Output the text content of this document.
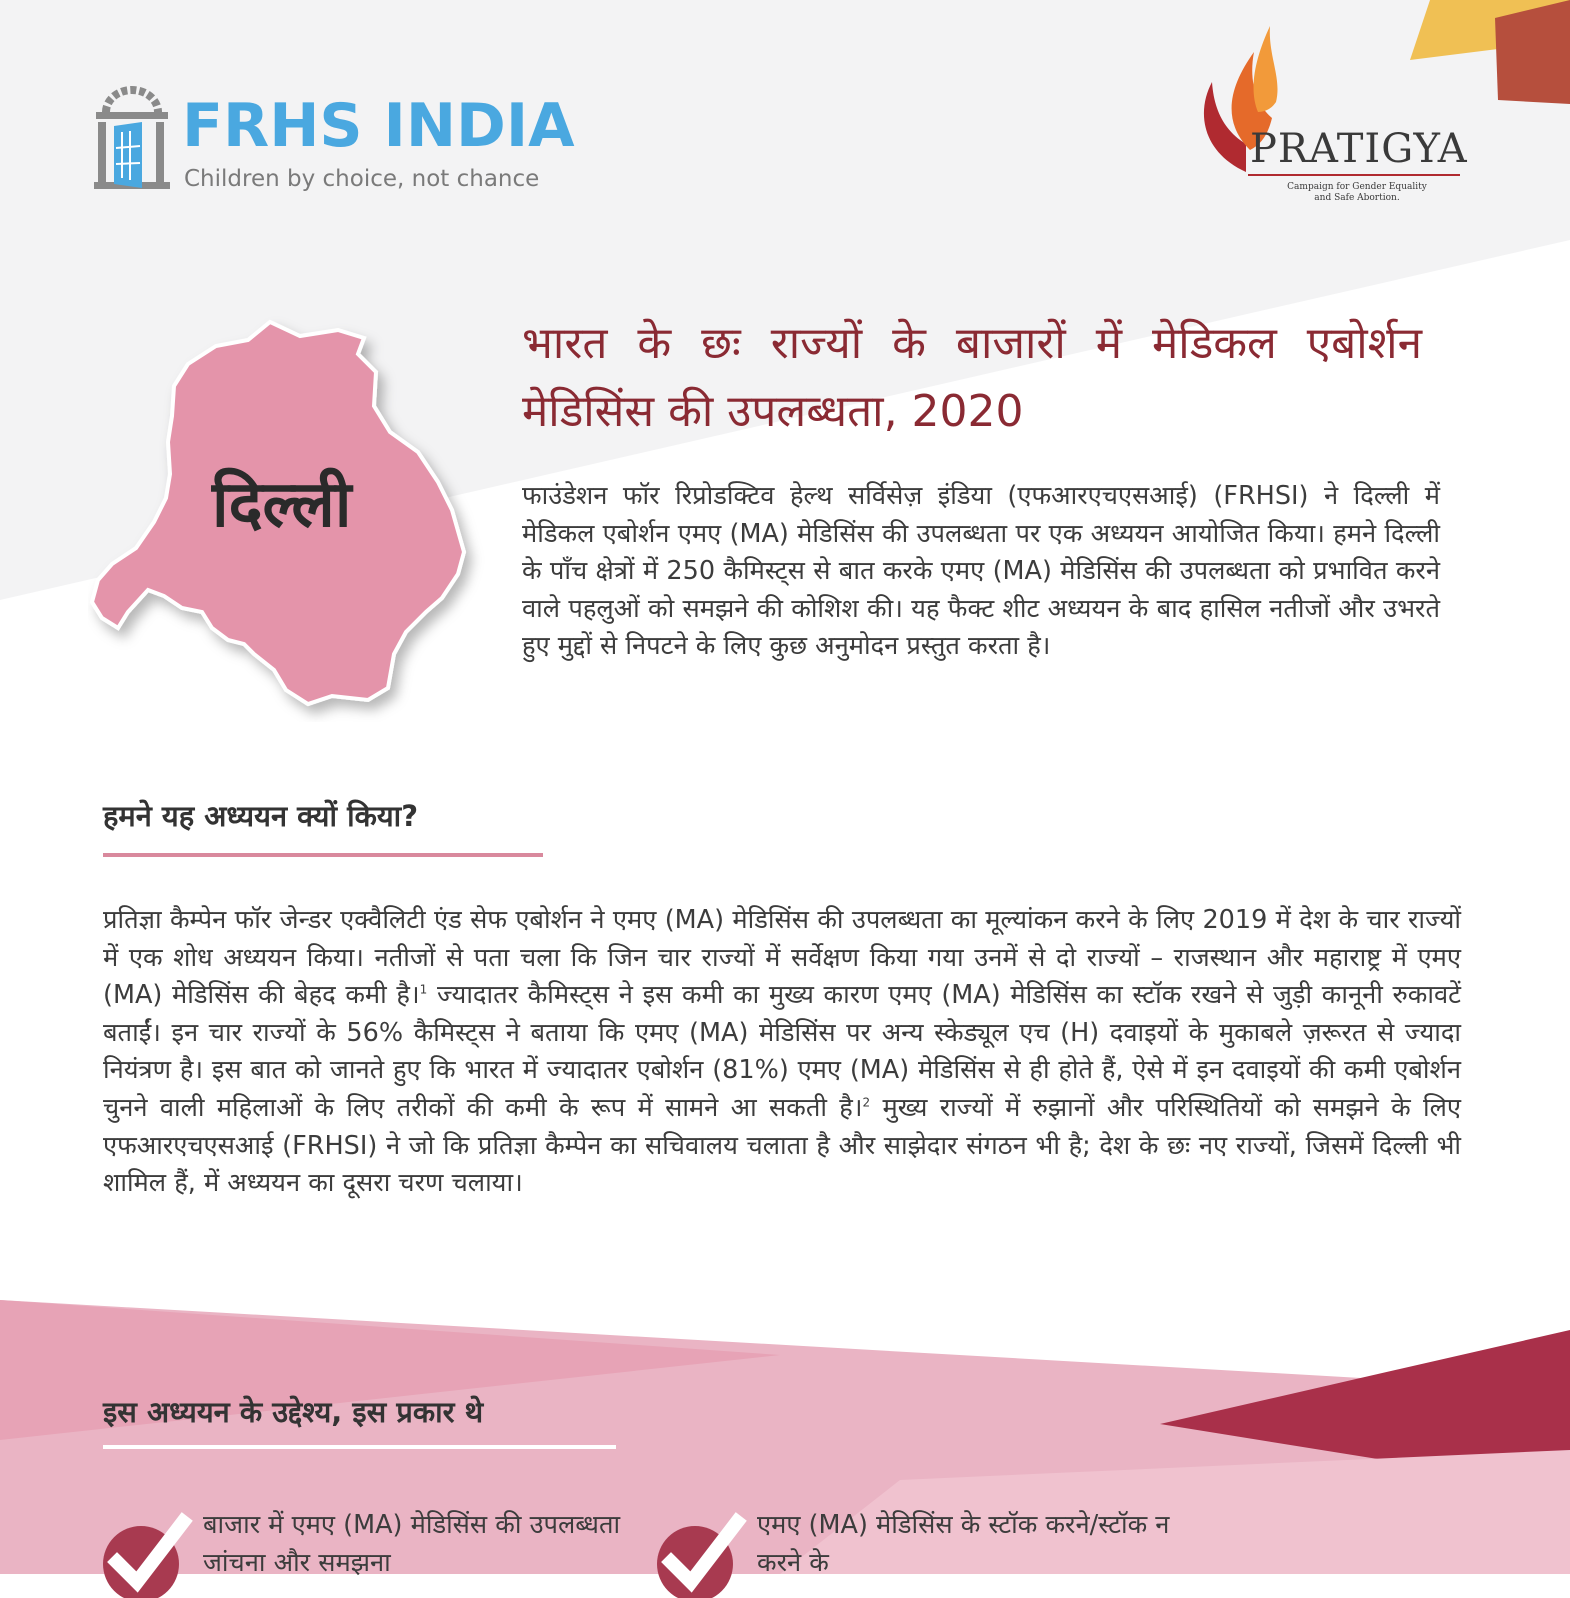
FRHS INDIA
Children by choice, not chance
PRATIGYA
Campaign for Gender Equality
and Safe Abortion.
दिल्ली
भारत के छः राज्यों के बाजारों में मेडिकल एबोर्शन मेडिसिंस की उपलब्धता, 2020

फाउंडेशन फॉर रिप्रोडक्टिव हेल्थ सर्विसेज़ इंडिया (एफआरएचएसआई) (FRHSI) ने दिल्ली में मेडिकल एबोर्शन एमए (MA) मेडिसिंस की उपलब्धता पर एक अध्ययन आयोजित किया। हमने दिल्ली के पाँच क्षेत्रों में 250 कैमिस्ट्स से बात करके एमए (MA) मेडिसिंस की उपलब्धता को प्रभावित करने वाले पहलुओं को समझने की कोशिश की। यह फैक्ट शीट अध्ययन के बाद हासिल नतीजों और उभरते हुए मुद्दों से निपटने के लिए कुछ अनुमोदन प्रस्तुत करता है।

हमने यह अध्ययन क्यों किया?

प्रतिज्ञा कैम्पेन फॉर जेन्डर एक्वैलिटी एंड सेफ एबोर्शन ने एमए (MA) मेडिसिंस की उपलब्धता का मूल्यांकन करने के लिए 2019 में देश के चार राज्यों में एक शोध अध्ययन किया। नतीजों से पता चला कि जिन चार राज्यों में सर्वेक्षण किया गया उनमें से दो राज्यों – राजस्थान और महाराष्ट्र में एमए (MA) मेडिसिंस की बेहद कमी है।$^1$ ज्यादातर कैमिस्ट्स ने इस कमी का मुख्य कारण एमए (MA) मेडिसिंस का स्टॉक रखने से जुड़ी कानूनी रुकावटें बताईं। इन चार राज्यों के 56% कैमिस्ट्स ने बताया कि एमए (MA) मेडिसिंस पर अन्य स्केड्यूल एच (H) दवाइयों के मुकाबले ज़रूरत से ज्यादा नियंत्रण है। इस बात को जानते हुए कि भारत में ज्यादातर एबोर्शन (81%) एमए (MA) मेडिसिंस से ही होते हैं, ऐसे में इन दवाइयों की कमी एबोर्शन चुनने वाली महिलाओं के लिए तरीकों की कमी के रूप में सामने आ सकती है।$^2$ मुख्य राज्यों में रुझानों और परिस्थितियों को समझने के लिए एफआरएचएसआई (FRHSI) ने जो कि प्रतिज्ञा कैम्पेन का सचिवालय चलाता है और साझेदार संगठन भी है; देश के छः नए राज्यों, जिसमें दिल्ली भी शामिल हैं, में अध्ययन का दूसरा चरण चलाया।

इस अध्ययन के उद्देश्य, इस प्रकार थे
बाजार में एमए (MA) मेडिसिंस की उपलब्धता जांचना और समझना
एमए (MA) मेडिसिंस के स्टॉक करने/स्टॉक न करने के
